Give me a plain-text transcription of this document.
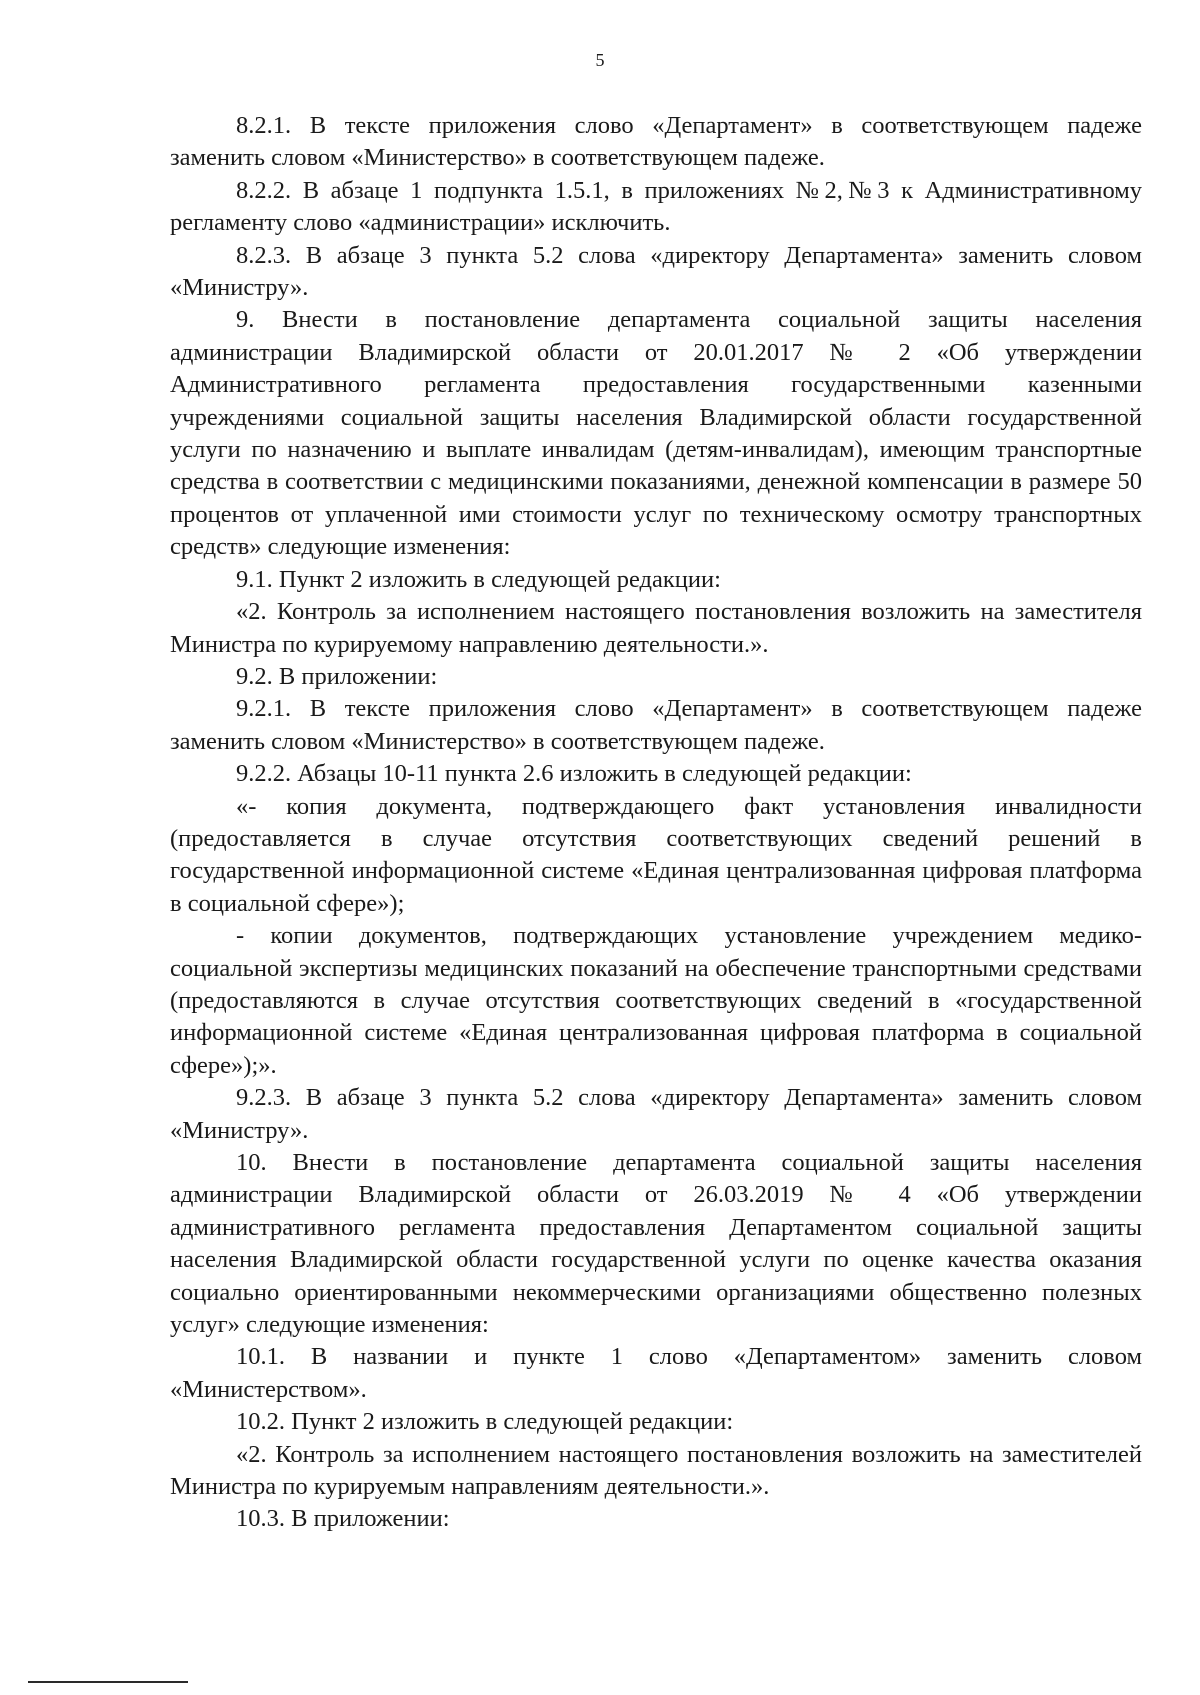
5

8.2.1. В тексте приложения слово «Департамент» в соответствующем падеже заменить словом «Министерство» в соответствующем падеже.

8.2.2. В абзаце 1 подпункта 1.5.1, в приложениях №2,№3 к Административному регламенту слово «администрации» исключить.

8.2.3. В абзаце 3 пункта 5.2 слова «директору Департамента» заменить словом «Министру».

9. Внести в постановление департамента социальной защиты населения администрации Владимирской области от 20.01.2017 № 2 «Об утверждении Административного регламента предоставления государственными казенными учреждениями социальной защиты населения Владимирской области государственной услуги по назначению и выплате инвалидам (детям-инвалидам), имеющим транспортные средства в соответствии с медицинскими показаниями, денежной компенсации в размере 50 процентов от уплаченной ими стоимости услуг по техническому осмотру транспортных средств» следующие изменения:

9.1. Пункт 2 изложить в следующей редакции:

«2. Контроль за исполнением настоящего постановления возложить на заместителя Министра по курируемому направлению деятельности.».

9.2. В приложении:

9.2.1. В тексте приложения слово «Департамент» в соответствующем падеже заменить словом «Министерство» в соответствующем падеже.

9.2.2. Абзацы 10-11 пункта 2.6 изложить в следующей редакции:

«- копия документа, подтверждающего факт установления инвалидности (предоставляется в случае отсутствия соответствующих сведений решений в государственной информационной системе «Единая централизованная цифровая платформа в социальной сфере»);

- копии документов, подтверждающих установление учреждением медико-социальной экспертизы медицинских показаний на обеспечение транспортными средствами (предоставляются в случае отсутствия соответствующих сведений в «государственной информационной системе «Единая централизованная цифровая платформа в социальной сфере»);».

9.2.3. В абзаце 3 пункта 5.2 слова «директору Департамента» заменить словом «Министру».

10. Внести в постановление департамента социальной защиты населения администрации Владимирской области от 26.03.2019 № 4 «Об утверждении административного регламента предоставления Департаментом социальной защиты населения Владимирской области государственной услуги по оценке качества оказания социально ориентированными некоммерческими организациями общественно полезных услуг» следующие изменения:

10.1. В названии и пункте 1 слово «Департаментом» заменить словом «Министерством».

10.2. Пункт 2 изложить в следующей редакции:

«2. Контроль за исполнением настоящего постановления возложить на заместителей Министра по курируемым направлениям деятельности.».

10.3. В приложении:
